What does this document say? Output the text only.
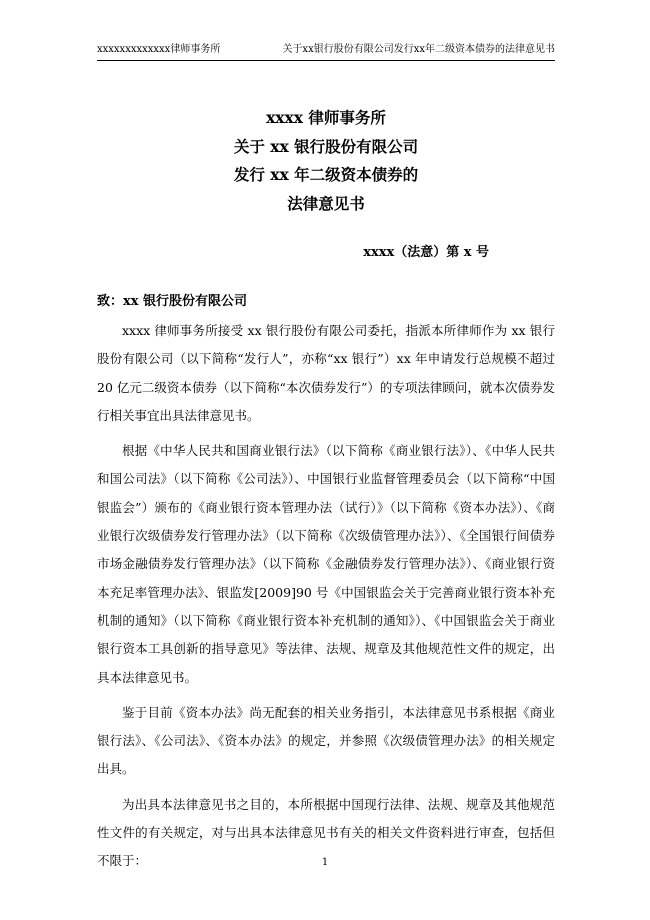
xxxxxxxxxxxxx律师事务所	关于xx银行股份有限公司发行xx年二级资本债券的法律意见书
xxxx 律师事务所
关于 xx 银行股份有限公司
发行 xx 年二级资本债券的
法律意见书
xxxx（法意）第 x 号
致：xx 银行股份有限公司

xxxx 律师事务所接受 xx 银行股份有限公司委托，指派本所律师作为 xx 银行股份有限公司（以下简称“发行人”，亦称“xx 银行”）xx 年申请发行总规模不超过 20 亿元二级资本债券（以下简称“本次债券发行”）的专项法律顾问，就本次债券发行相关事宜出具法律意见书。

根据《中华人民共和国商业银行法》（以下简称《商业银行法》）、《中华人民共和国公司法》（以下简称《公司法》）、中国银行业监督管理委员会（以下简称“中国银监会”）颁布的《商业银行资本管理办法（试行）》（以下简称《资本办法》）、《商业银行次级债券发行管理办法》（以下简称《次级债管理办法》）、《全国银行间债券市场金融债券发行管理办法》（以下简称《金融债券发行管理办法》）、《商业银行资本充足率管理办法》、银监发[2009]90 号《中国银监会关于完善商业银行资本补充机制的通知》（以下简称《商业银行资本补充机制的通知》）、《中国银监会关于商业银行资本工具创新的指导意见》等法律、法规、规章及其他规范性文件的规定，出具本法律意见书。

鉴于目前《资本办法》尚无配套的相关业务指引，本法律意见书系根据《商业银行法》、《公司法》、《资本办法》的规定，并参照《次级债管理办法》的相关规定出具。

为出具本法律意见书之目的，本所根据中国现行法律、法规、规章及其他规范性文件的有关规定，对与出具本法律意见书有关的相关文件资料进行审查，包括但不限于：	1
